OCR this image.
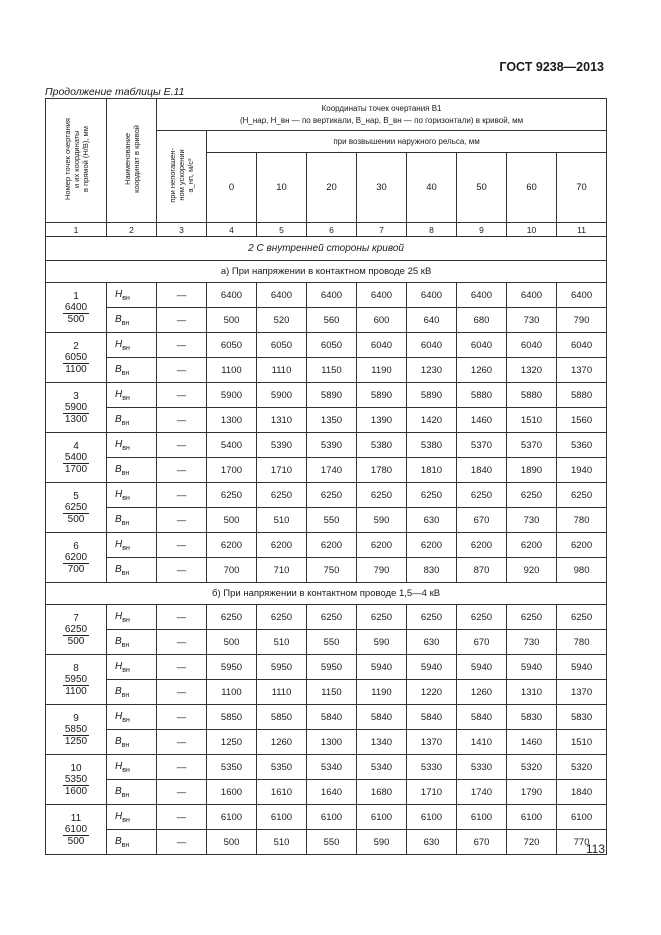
ГОСТ 9238—2013
Продолжение таблицы Е.11
Номер точек очертания
и их координаты
в прямой (H/B), мм	Наименование
координат в кривой	Координаты точек очертания В1
(H_нар, H_вн — по вертикали, B_нар, B_вн — по горизонтали) в кривой, мм								
		при непогашен-
ном ускорении
a_нп, м/с²	при возвышении наружного рельса, мм							
			0	10	20	30	40	50	60	70
1	2	3	4	5	6	7	8	9	10	11
2 С внутренней стороны кривой										
а) При напряжении в контактном проводе 25 кВ										

1
$\frac{6400}{500}$	$H_{вн}$	—	6400	6400	6400	6400	6400	6400	6400	6400
	$B_{вн}$	—	500	520	560	600	640	680	730	790

2
$\frac{6050}{1100}$	$H_{вн}$	—	6050	6050	6050	6040	6040	6040	6040	6040
	$B_{вн}$	—	1100	1110	1150	1190	1230	1260	1320	1370

3
$\frac{5900}{1300}$	$H_{вн}$	—	5900	5900	5890	5890	5890	5880	5880	5880
	$B_{вн}$	—	1300	1310	1350	1390	1420	1460	1510	1560

4
$\frac{5400}{1700}$	$H_{вн}$	—	5400	5390	5390	5380	5380	5370	5370	5360
	$B_{вн}$	—	1700	1710	1740	1780	1810	1840	1890	1940

5
$\frac{6250}{500}$	$H_{вн}$	—	6250	6250	6250	6250	6250	6250	6250	6250
	$B_{вн}$	—	500	510	550	590	630	670	730	780

6
$\frac{6200}{700}$	$H_{вн}$	—	6200	6200	6200	6200	6200	6200	6200	6200
	$B_{вн}$	—	700	710	750	790	830	870	920	980
б) При напряжении в контактном проводе 1,5—4 кВ										

7
$\frac{6250}{500}$	$H_{вн}$	—	6250	6250	6250	6250	6250	6250	6250	6250
	$B_{вн}$	—	500	510	550	590	630	670	730	780

8
$\frac{5950}{1100}$	$H_{вн}$	—	5950	5950	5950	5940	5940	5940	5940	5940
	$B_{вн}$	—	1100	1110	1150	1190	1220	1260	1310	1370

9
$\frac{5850}{1250}$	$H_{вн}$	—	5850	5850	5840	5840	5840	5840	5830	5830
	$B_{вн}$	—	1250	1260	1300	1340	1370	1410	1460	1510

10
$\frac{5350}{1600}$	$H_{вн}$	—	5350	5350	5340	5340	5330	5330	5320	5320
	$B_{вн}$	—	1600	1610	1640	1680	1710	1740	1790	1840

11
$\frac{6100}{500}$	$H_{вн}$	—	6100	6100	6100	6100	6100	6100	6100	6100
	$B_{вн}$	—	500	510	550	590	630	670	720	770
113
